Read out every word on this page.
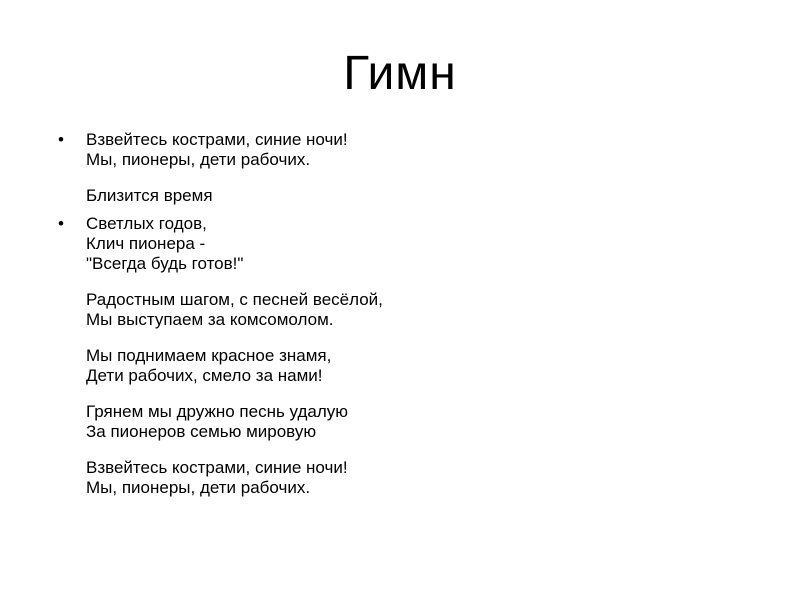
Гимн
•	Взвейтесь кострами, синие ночи!
Мы, пионеры, дети рабочих.
Близится время
•	Светлых годов,
Клич пионера -
"Всегда будь готов!"
Радостным шагом, с песней весёлой,
Мы выступаем за комсомолом.
Мы поднимаем красное знамя,
Дети рабочих, смело за нами!
Грянем мы дружно песнь удалую
За пионеров семью мировую
Взвейтесь кострами, синие ночи!
Мы, пионеры, дети рабочих.
